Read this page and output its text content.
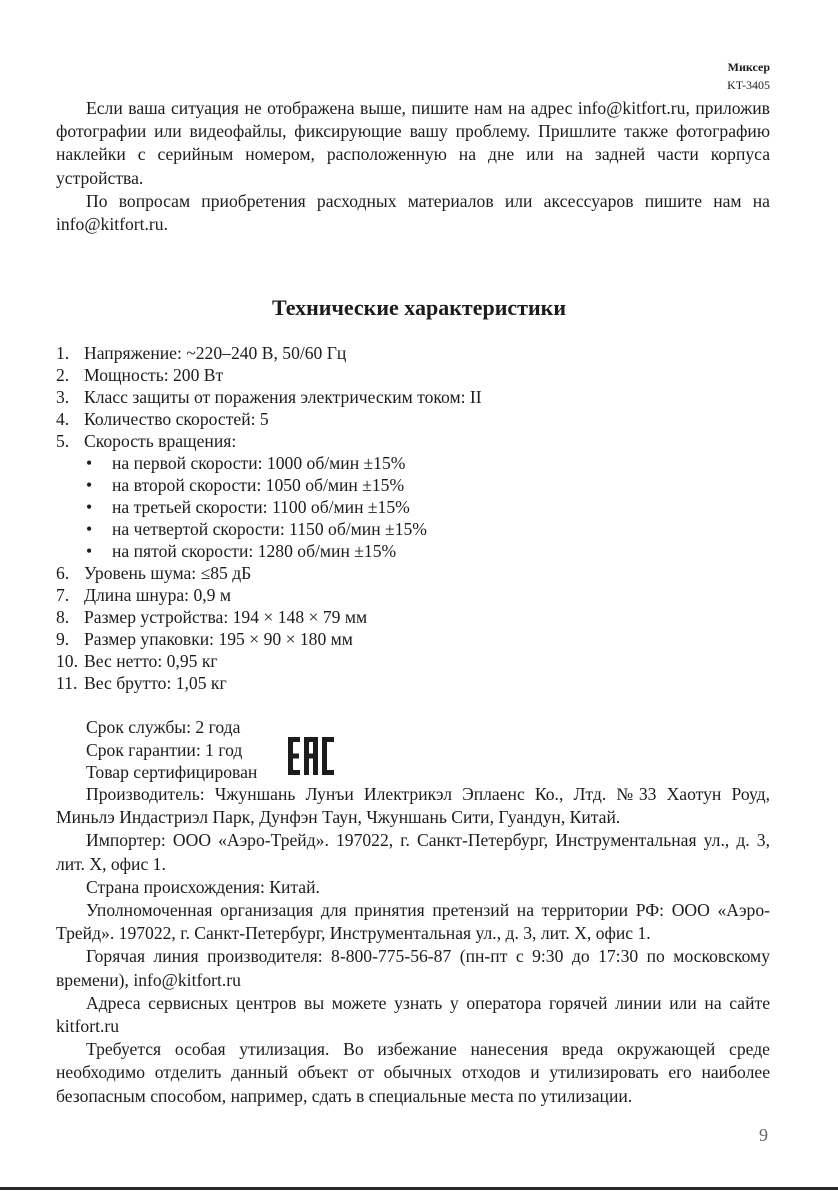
Миксер
KT-3405

Если ваша ситуация не отображена выше, пишите нам на адрес info@kitfort.ru, приложив фотографии или видеофайлы, фиксирующие вашу проблему. Пришлите также фотографию наклейки с серийным номером, расположенную на дне или на задней части корпуса устройства.

По вопросам приобретения расходных материалов или аксессуаров пишите нам на info@kitfort.ru.

Технические характеристики
1. Напряжение: ~220–240 В, 50/60 Гц
2. Мощность: 200 Вт
3. Класс защиты от поражения электрическим током: II
4. Количество скоростей: 5
5. Скорость вращения:
•	на первой скорости: 1000 об/мин ±15%
•	на второй скорости: 1050 об/мин ±15%
•	на третьей скорости: 1100 об/мин ±15%
•	на четвертой скорости: 1150 об/мин ±15%
•	на пятой скорости: 1280 об/мин ±15%
6. Уровень шума: ≤85 дБ
7. Длина шнура: 0,9 м
8. Размер устройства: 194 × 148 × 79 мм
9. Размер упаковки: 195 × 90 × 180 мм
10. Вес нетто: 0,95 кг
11. Вес брутто: 1,05 кг
Срок службы: 2 года
Срок гарантии: 1 год
Товар сертифицирован

Производитель: Чжуншань Лунъи Илектрикэл Эплаенс Ко., Лтд. №33 Хаотун Роуд, Миньлэ Индастриэл Парк, Дунфэн Таун, Чжуншань Сити, Гуандун, Китай.

Импортер: ООО «Аэро-Трейд». 197022, г. Санкт-Петербург, Инструментальная ул., д. 3, лит. Х, офис 1.

Страна происхождения: Китай.

Уполномоченная организация для принятия претензий на территории РФ: ООО «Аэро-Трейд». 197022, г. Санкт-Петербург, Инструментальная ул., д. 3, лит. Х, офис 1.

Горячая линия производителя: 8-800-775-56-87 (пн-пт с 9:30 до 17:30 по московскому времени), info@kitfort.ru

Адреса сервисных центров вы можете узнать у оператора горячей линии или на сайте kitfort.ru

Требуется особая утилизация. Во избежание нанесения вреда окружающей среде необходимо отделить данный объект от обычных отходов и утилизировать его наиболее безопасным способом, например, сдать в специальные места по утилизации.

9
